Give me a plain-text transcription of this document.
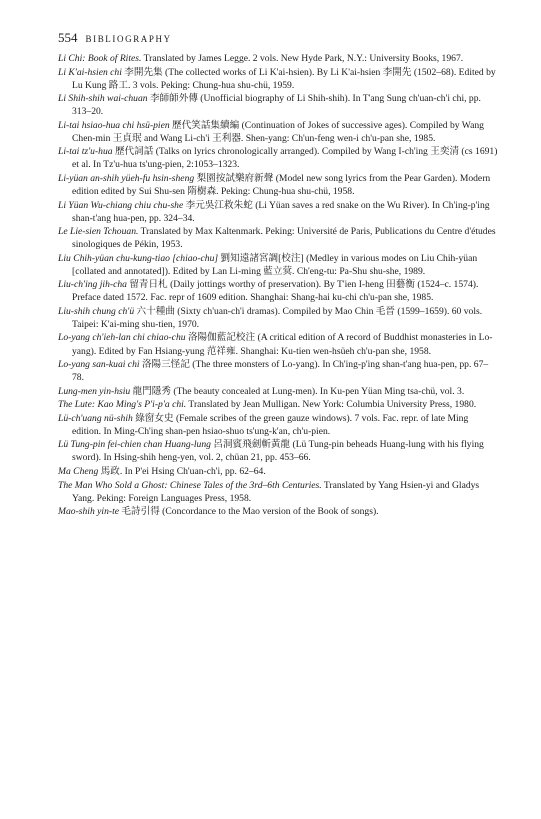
554 BIBLIOGRAPHY

Li Chi: Book of Rites. Translated by James Legge. 2 vols. New Hyde Park, N.Y.: University Books, 1967.

Li K'ai-hsien chi 李開先集 (The collected works of Li K'ai-hsien). By Li K'ai-hsien 李開先 (1502–68). Edited by Lu Kung 路工. 3 vols. Peking: Chung-hua shu-chü, 1959.

Li Shih-shih wai-chuan 李師師外傳 (Unofficial biography of Li Shih-shih). In T'ang Sung ch'uan-ch'i chi, pp. 313–20.

Li-tai hsiao-hua chi hsü-pien 歷代笑話集續編 (Continuation of Jokes of successive ages). Compiled by Wang Chen-min 王貞珉 and Wang Li-ch'i 王利器. Shen-yang: Ch'un-feng wen-i ch'u-pan she, 1985.

Li-tai tz'u-hua 歷代詞話 (Talks on lyrics chronologically arranged). Compiled by Wang I-ch'ing 王奕清 (cs 1691) et al. In Tz'u-hua ts'ung-pien, 2:1053–1323.

Li-yüan an-shih yüeh-fu hsin-sheng 梨園按試樂府新聲 (Model new song lyrics from the Pear Garden). Modern edition edited by Sui Shu-sen 隋樹森. Peking: Chung-hua shu-chü, 1958.

Li Yüan Wu-chiang chiu chu-she 李元吳江救朱蛇 (Li Yüan saves a red snake on the Wu River). In Ch'ing-p'ing shan-t'ang hua-pen, pp. 324–34.

Le Lie-sien Tchouan. Translated by Max Kaltenmark. Peking: Université de Paris, Publications du Centre d'études sinologiques de Pékin, 1953.

Liu Chih-yüan chu-kung-tiao [chiao-chu] 劉知遠諸宮調[校注] (Medley in various modes on Liu Chih-yüan [collated and annotated]). Edited by Lan Li-ming 藍立蓂. Ch'eng-tu: Pa-Shu shu-she, 1989.

Liu-ch'ing jih-cha 留青日札 (Daily jottings worthy of preservation). By T'ien I-heng 田藝衡 (1524–c. 1574). Preface dated 1572. Fac. repr of 1609 edition. Shanghai: Shang-hai ku-chi ch'u-pan she, 1985.

Liu-shih chung ch'ü 六十種曲 (Sixty ch'uan-ch'i dramas). Compiled by Mao Chin 毛晉 (1599–1659). 60 vols. Taipei: K'ai-ming shu-tien, 1970.

Lo-yang ch'ieh-lan chi chiao-chu 洛陽伽藍記校注 (A critical edition of A record of Buddhist monasteries in Lo-yang). Edited by Fan Hsiang-yung 范祥雍. Shanghai: Ku-tien wen-hsüeh ch'u-pan she, 1958.

Lo-yang san-kuai chi 洛陽三怪記 (The three monsters of Lo-yang). In Ch'ing-p'ing shan-t'ang hua-pen, pp. 67–78.

Lung-men yin-hsiu 龍門隱秀 (The beauty concealed at Lung-men). In Ku-pen Yüan Ming tsa-chü, vol. 3.

The Lute: Kao Ming's P'i-p'a chi. Translated by Jean Mulligan. New York: Columbia University Press, 1980.

Lü-ch'uang nü-shih 綠窗女史 (Female scribes of the green gauze windows). 7 vols. Fac. repr. of late Ming edition. In Ming-Ch'ing shan-pen hsiao-shuo ts'ung-k'an, ch'u-pien.

Lü Tung-pin fei-chien chan Huang-lung 呂洞賓飛劍斬黃龍 (Lü Tung-pin beheads Huang-lung with his flying sword). In Hsing-shih heng-yen, vol. 2, chüan 21, pp. 453–66.

Ma Cheng 馬政. In P'ei Hsing Ch'uan-ch'i, pp. 62–64.

The Man Who Sold a Ghost: Chinese Tales of the 3rd–6th Centuries. Translated by Yang Hsien-yi and Gladys Yang. Peking: Foreign Languages Press, 1958.

Mao-shih yin-te 毛詩引得 (Concordance to the Mao version of the Book of songs).
